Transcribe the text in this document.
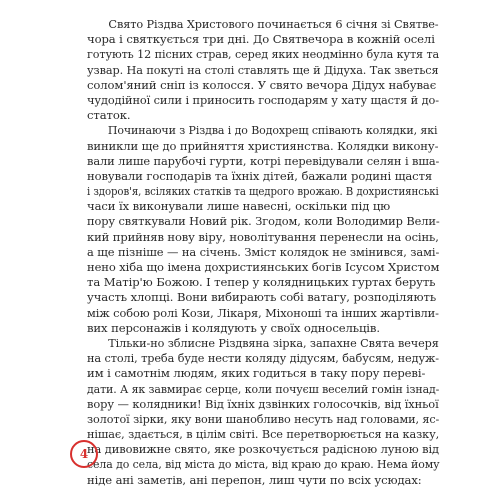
Свято Різдва Христового починається 6 січня зі Святве-
чора і святкується три дні. До Святвечора в кожній оселі
готують 12 пісних страв, серед яких неодмінно була кутя та
узвар. На покуті на столі ставлять ще й Дідуха. Так зветься
солом'яний сніп із колосся. У свято вечора Дідух набуває
чудодійної сили і приносить господарям у хату щастя й до-
статок.
Починаючи з Різдва і до Водохрещ співають колядки, які
виникли ще до прийняття християнства. Колядки викону-
вали лише парубочі гурти, котрі перевідували селян і вша-
новували господарів та їхніх дітей, бажали родині щастя
і здоров'я, всіляких статків та щедрого врожаю. В дохристиянські
часи їх виконували лише навесні, оскільки під цю
пору святкували Новий рік. Згодом, коли Володимир Вели-
кий прийняв нову віру, новолітування перенесли на осінь,
а ще пізніше — на січень. Зміст колядок не змінився, замі-
нено хіба що імена дохристиянських богів Ісусом Христом
та Матір'ю Божою. І тепер у колядницьких гуртах беруть
участь хлопці. Вони вибирають собі ватагу, розподіляють
між собою ролі Кози, Лікаря, Міхоноші та інших жартівли-
вих персонажів і колядують у своїх односельців.
Тільки-но зблисне Різдвяна зірка, запахне Свята вечеря
на столі, треба буде нести коляду дідусям, бабусям, недуж-
им і самотнім людям, яких годиться в таку пору переві-
дати. А як завмирає серце, коли почуєш веселий гомін ізнад-
вору — колядники! Від їхніх дзвінких голосочків, від їхньої
золотої зірки, яку вони шанобливо несуть над головами, яс-
нішає, здається, в цілім світі. Все перетворюється на казку,
на дивовижне свято, яке розкочується радісною луною від
села до села, від міста до міста, від краю до краю. Нема йому
ніде ані заметів, ані перепон, лиш чути по всіх усюдах:
4
